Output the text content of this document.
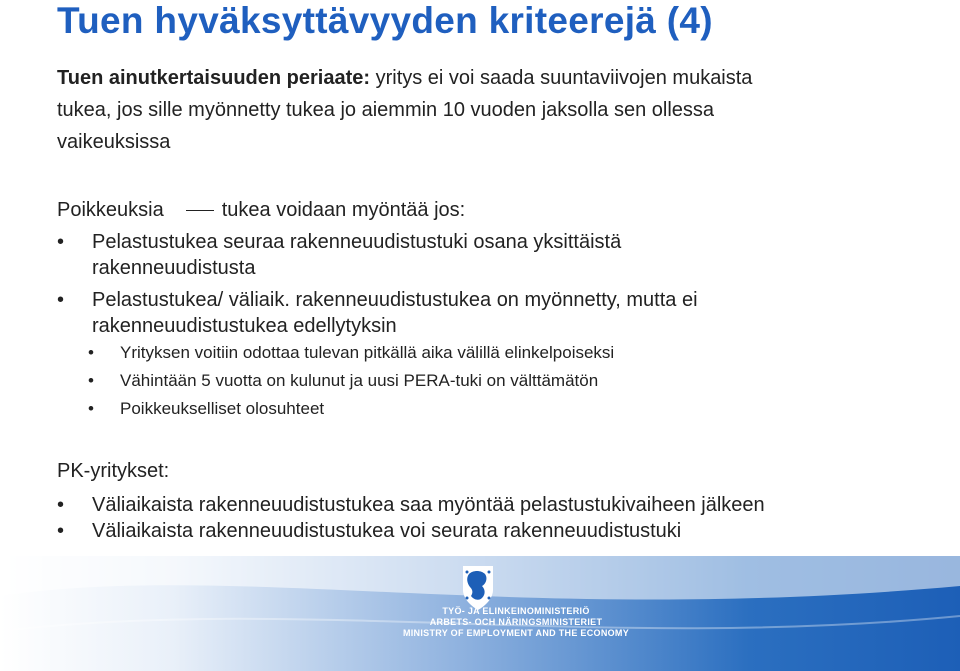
Tuen hyväksyttävyyden kriteerejä (4)
Tuen ainutkertaisuuden periaate: yritys ei voi saada suuntaviivojen mukaista
tukea, jos sille myönnetty tukea jo aiemmin 10 vuoden jaksolla sen ollessa
vaikeuksissa
Poikkeuksia	tukea voidaan myöntää jos:
• Pelastustukea seuraa rakenneuudistustuki osana yksittäistä
rakenneuudistusta
• Pelastustukea/ väliaik. rakenneuudistustukea on myönnetty, mutta ei
rakenneuudistustukea edellytyksin
• Yrityksen voitiin odottaa tulevan pitkällä aika välillä elinkelpoiseksi
• Vähintään 5 vuotta on kulunut ja uusi PERA-tuki on välttämätön
• Poikkeukselliset olosuhteet
PK-yritykset:
• Väliaikaista rakenneuudistustukea saa myöntää pelastustukivaiheen jälkeen
• Väliaikaista rakenneuudistustukea voi seurata rakenneuudistustuki
TYÖ- JA ELINKEINOMINISTERIÖ
ARBETS- OCH NÄRINGSMINISTERIET
MINISTRY OF EMPLOYMENT AND THE ECONOMY
